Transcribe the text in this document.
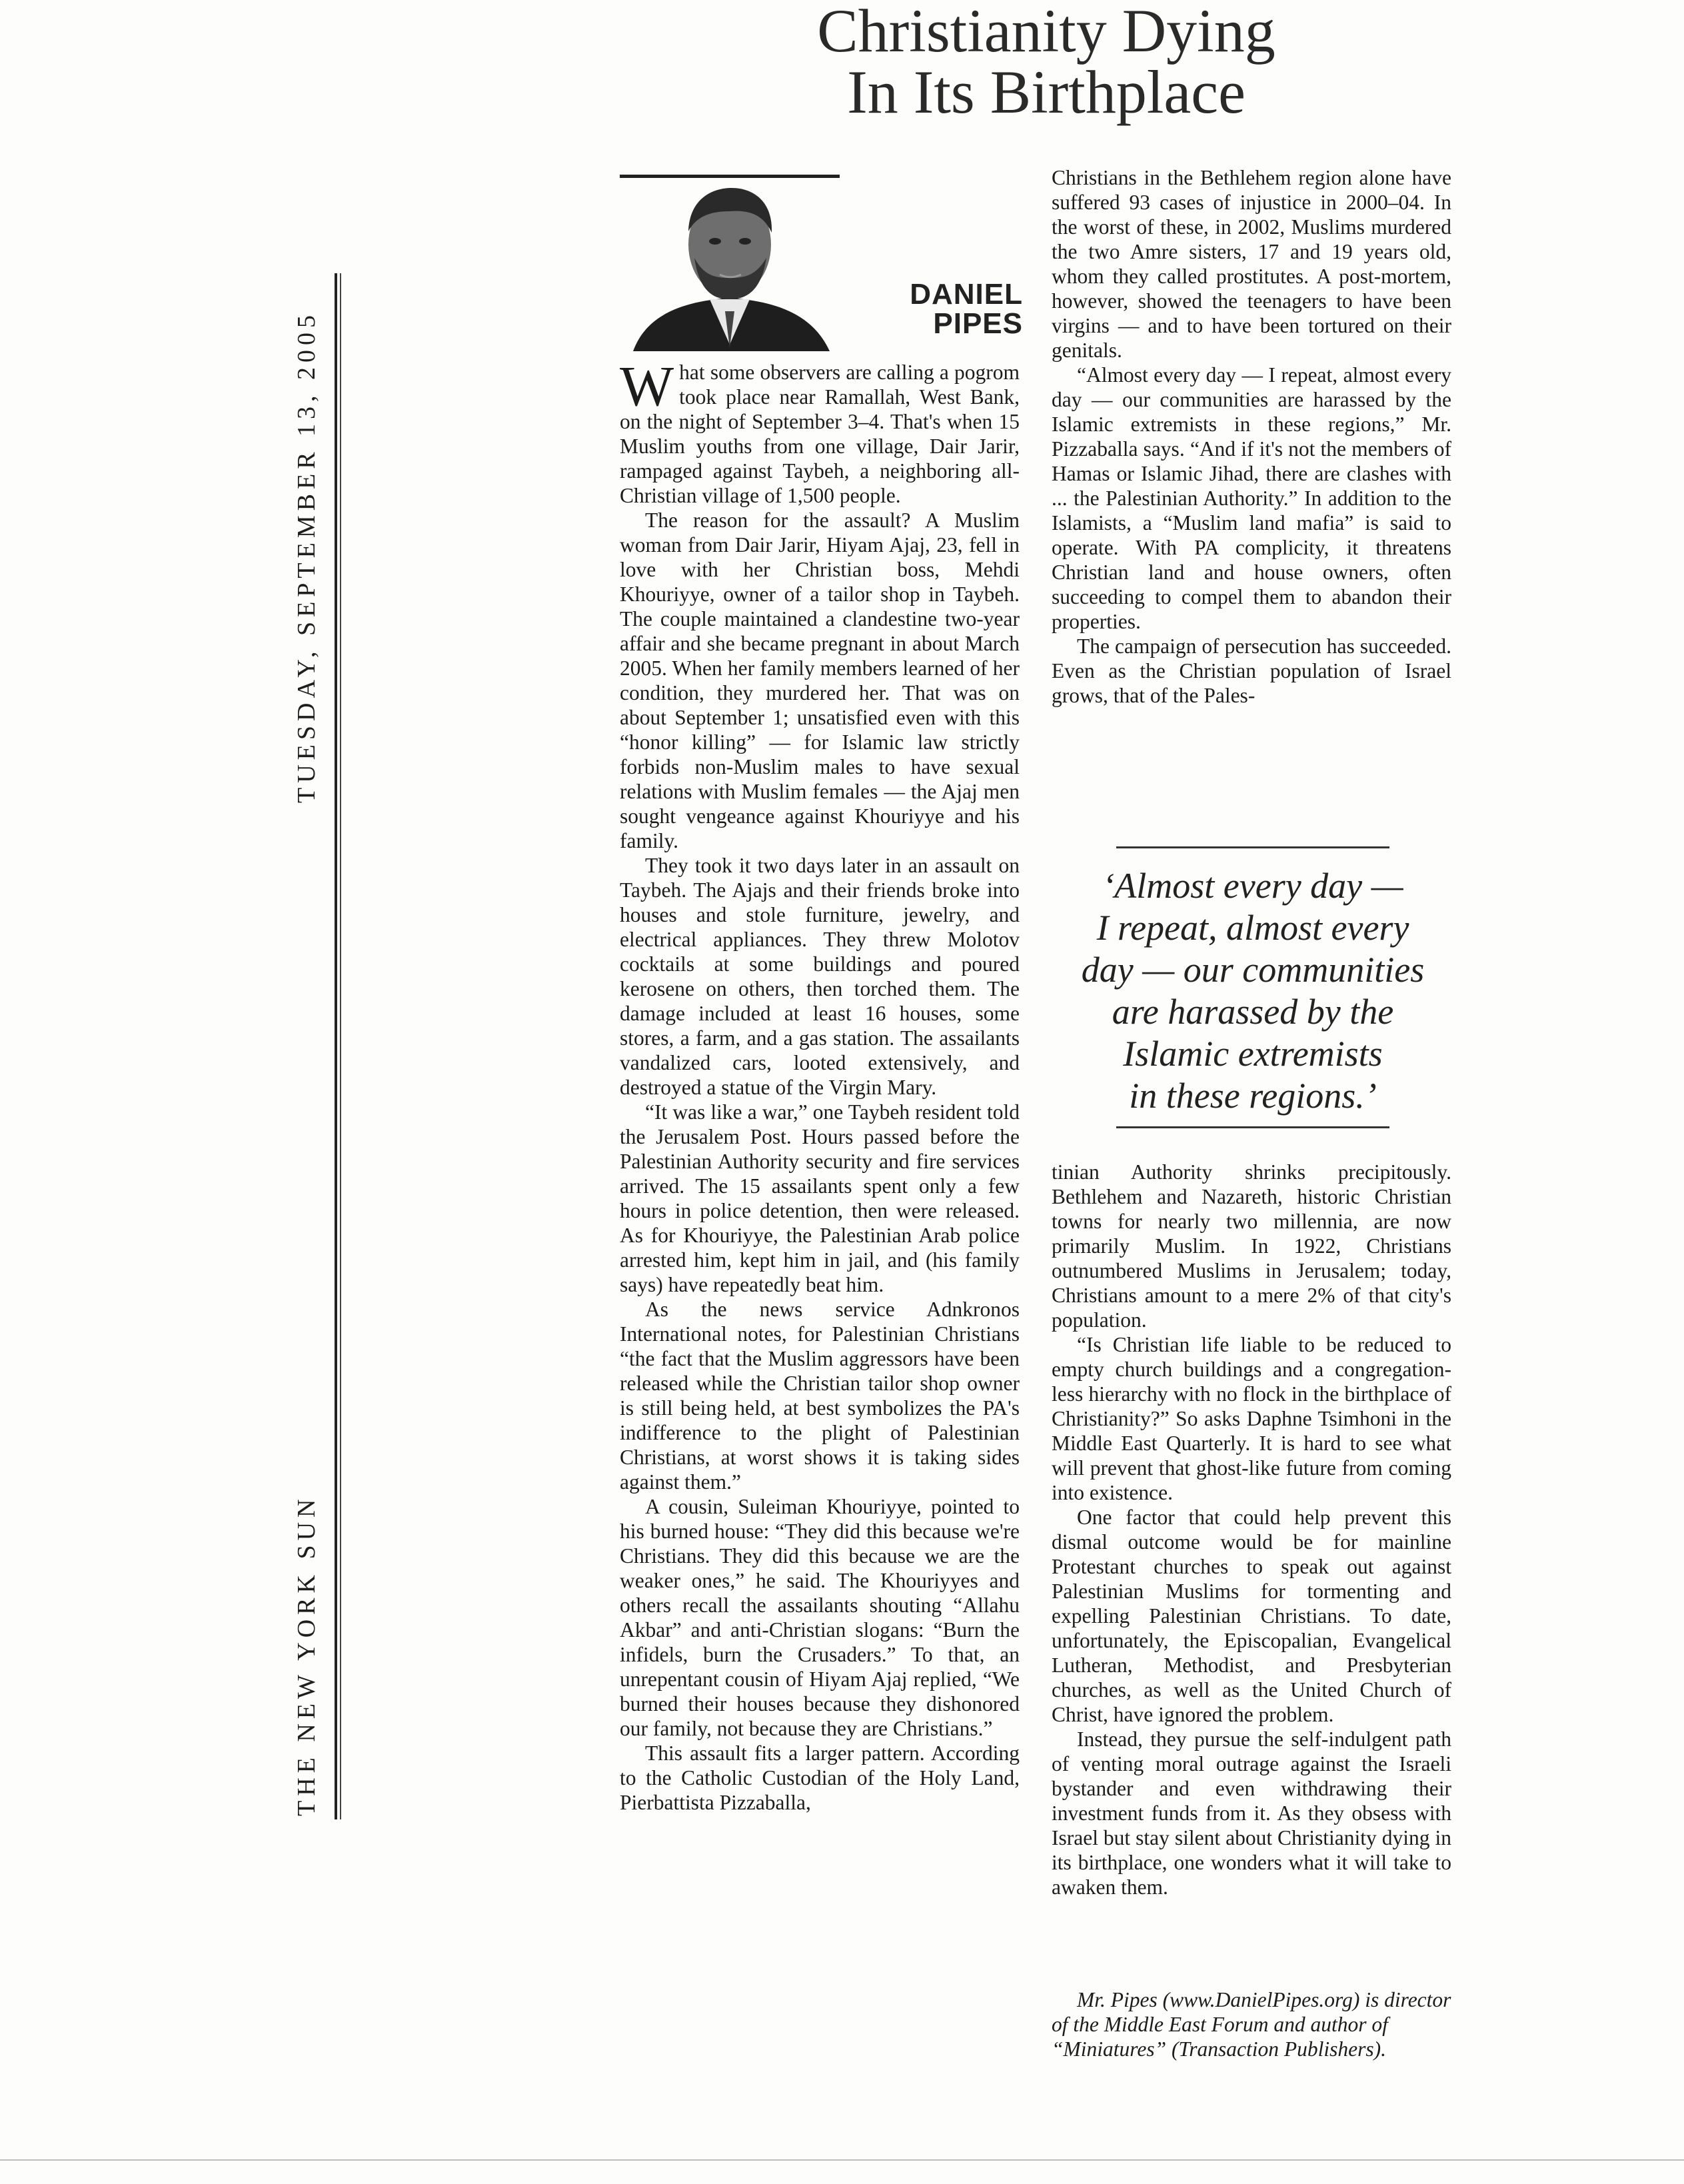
Christianity Dying
In Its Birthplace
TUESDAY, SEPTEMBER 13, 2005
THE NEW YORK SUN
DANIEL
PIPES

What some observers are calling a pogrom took place near Ramallah, West Bank, on the night of September 3–4. That's when 15 Muslim youths from one village, Dair Jarir, rampaged against Taybeh, a neighboring all-Christian village of 1,500 people.

The reason for the assault? A Muslim woman from Dair Jarir, Hiyam Ajaj, 23, fell in love with her Christian boss, Mehdi Khouriyye, owner of a tailor shop in Taybeh. The couple maintained a clandestine two-year affair and she became pregnant in about March 2005. When her family members learned of her condition, they murdered her. That was on about September 1; unsatisfied even with this “honor killing” — for Islamic law strictly forbids non-Muslim males to have sexual relations with Muslim females — the Ajaj men sought vengeance against Khouriyye and his family.

They took it two days later in an assault on Taybeh. The Ajajs and their friends broke into houses and stole furniture, jewelry, and electrical appliances. They threw Molotov cocktails at some buildings and poured kerosene on others, then torched them. The damage included at least 16 houses, some stores, a farm, and a gas station. The assailants vandalized cars, looted extensively, and destroyed a statue of the Virgin Mary.

“It was like a war,” one Taybeh resident told the Jerusalem Post. Hours passed before the Palestinian Authority security and fire services arrived. The 15 assailants spent only a few hours in police detention, then were released. As for Khouriyye, the Palestinian Arab police arrested him, kept him in jail, and (his family says) have repeatedly beat him.

As the news service Adnkronos International notes, for Palestinian Christians “the fact that the Muslim aggressors have been released while the Christian tailor shop owner is still being held, at best symbolizes the PA's indifference to the plight of Palestinian Christians, at worst shows it is taking sides against them.”

A cousin, Suleiman Khouriyye, pointed to his burned house: “They did this because we're Christians. They did this because we are the weaker ones,” he said. The Khouriyyes and others recall the assailants shouting “Allahu Akbar” and anti-Christian slogans: “Burn the infidels, burn the Crusaders.” To that, an unrepentant cousin of Hiyam Ajaj replied, “We burned their houses because they dishonored our family, not because they are Christians.”

This assault fits a larger pattern. According to the Catholic Custodian of the Holy Land, Pierbattista Pizzaballa,

Christians in the Bethlehem region alone have suffered 93 cases of injustice in 2000–04. In the worst of these, in 2002, Muslims murdered the two Amre sisters, 17 and 19 years old, whom they called prostitutes. A post-mortem, however, showed the teenagers to have been virgins — and to have been tortured on their genitals.

“Almost every day — I repeat, almost every day — our communities are harassed by the Islamic extremists in these regions,” Mr. Pizzaballa says. “And if it's not the members of Hamas or Islamic Jihad, there are clashes with ... the Palestinian Authority.” In addition to the Islamists, a “Muslim land mafia” is said to operate. With PA complicity, it threatens Christian land and house owners, often succeeding to compel them to abandon their properties.

The campaign of persecution has succeeded. Even as the Christian population of Israel grows, that of the Pales-

‘Almost every day —
I repeat, almost every
day — our communities
are harassed by the
Islamic extremists
in these regions.’

tinian Authority shrinks precipitously. Bethlehem and Nazareth, historic Christian towns for nearly two millennia, are now primarily Muslim. In 1922, Christians outnumbered Muslims in Jerusalem; today, Christians amount to a mere 2% of that city's population.

“Is Christian life liable to be reduced to empty church buildings and a congregation-less hierarchy with no flock in the birthplace of Christianity?” So asks Daphne Tsimhoni in the Middle East Quarterly. It is hard to see what will prevent that ghost-like future from coming into existence.

One factor that could help prevent this dismal outcome would be for mainline Protestant churches to speak out against Palestinian Muslims for tormenting and expelling Palestinian Christians. To date, unfortunately, the Episcopalian, Evangelical Lutheran, Methodist, and Presbyterian churches, as well as the United Church of Christ, have ignored the problem.

Instead, they pursue the self-indulgent path of venting moral outrage against the Israeli bystander and even withdrawing their investment funds from it. As they obsess with Israel but stay silent about Christianity dying in its birthplace, one wonders what it will take to awaken them.

Mr. Pipes (www.DanielPipes.org) is director of the Middle East Forum and author of “Miniatures” (Transaction Publishers).
